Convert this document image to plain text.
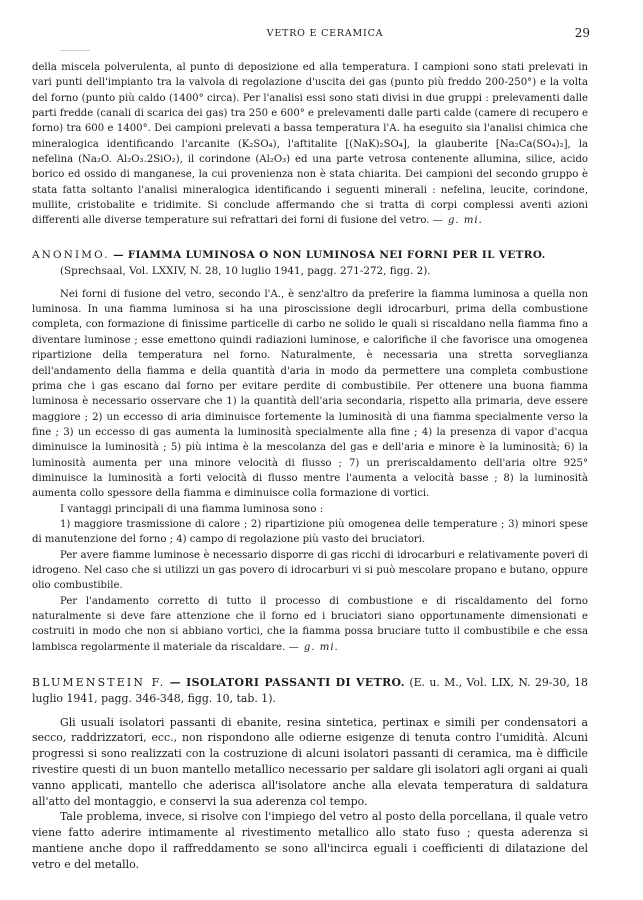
VETRO E CERAMICA	29

della miscela polverulenta, al punto di deposizione ed alla temperatura. I campioni sono stati prelevati in vari punti dell'impianto tra la valvola di regolazione d'uscita dei gas (punto più freddo 200-250°) e la volta del forno (punto più caldo (1400° circa). Per l'analisi essi sono stati divisi in due gruppi : prelevamenti dalle parti fredde (canali di scarica dei gas) tra 250 e 600° e prelevamenti dalle parti calde (camere di recupero e forno) tra 600 e 1400°. Dei campioni prelevati a bassa temperatura l'A. ha eseguito sia l'analisi chimica che mineralogica identificando l'arcanite (K₂SO₄), l'aftitalite [(NaK)₂SO₄], la glauberite [Na₂Ca(SO₄)₂], la nefelina (Na₂O. Al₂O₃.2SiO₂), il corindone (Al₂O₃) ed una parte vetrosa contenente allumina, silice, acido borico ed ossido di manganese, la cui provenienza non è stata chiarita. Dei campioni del secondo gruppo è stata fatta soltanto l'analisi mineralogica identificando i seguenti minerali : nefelina, leucite, corindone, mullite, cristobalite e tridimite. Si conclude affermando che si tratta di corpi complessi aventi azioni differenti alle diverse temperature sui refrattari dei forni di fusione del vetro. — g. mi.

ANONIMO. — FIAMMA LUMINOSA O NON LUMINOSA NEI FORNI PER IL VETRO.
(Sprechsaal, Vol. LXXIV, N. 28, 10 luglio 1941, pagg. 271-272, figg. 2).

Nei forni di fusione del vetro, secondo l'A., è senz'altro da preferire la fiamma luminosa a quella non luminosa. In una fiamma luminosa si ha una piroscissione degli idrocarburi, prima della combustione completa, con formazione di finissime particelle di carbo ne solido le quali si riscaldano nella fiamma fino a diventare luminose ; esse emettono quindi radiazioni luminose, e calorifiche il che favorisce una omogenea ripartizione della temperatura nel forno. Naturalmente, è necessaria una stretta sorveglianza dell'andamento della fiamma e della quantità d'aria in modo da permettere una completa combustione prima che i gas escano dal forno per evitare perdite di combustibile. Per ottenere una buona fiamma luminosa è necessario osservare che 1) la quantità dell'aria secondaria, rispetto alla primaria, deve essere maggiore ; 2) un eccesso di aria diminuisce fortemente la luminosità di una fiamma specialmente verso la fine ; 3) un eccesso di gas aumenta la luminosità specialmente alla fine ; 4) la presenza di vapor d'acqua diminuisce la luminosità ; 5) più intima è la mescolanza del gas e dell'aria e minore è la luminosità; 6) la luminosità aumenta per una minore velocità di flusso ; 7) un preriscaldamento dell'aria oltre 925° diminuisce la luminosità a forti velocità di flusso mentre l'aumenta a velocità basse ; 8) la luminosità aumenta collo spessore della fiamma e diminuisce colla formazione di vortici.

I vantaggi principali di una fiamma luminosa sono :

1) maggiore trasmissione di calore ; 2) ripartizione più omogenea delle temperature ; 3) minori spese di manutenzione del forno ; 4) campo di regolazione più vasto dei bruciatori.

Per avere fiamme luminose è necessario disporre di gas ricchi di idrocarburi e relativamente poveri di idrogeno. Nel caso che si utilizzi un gas povero di idrocarburi vi si può mescolare propano e butano, oppure olio combustibile.

Per l'andamento corretto di tutto il processo di combustione e di riscaldamento del forno naturalmente si deve fare attenzione che il forno ed i bruciatori siano opportunamente dimensionati e costruiti in modo che non si abbiano vortici, che la fiamma possa bruciare tutto il combustibile e che essa lambisca regolarmente il materiale da riscaldare. — g. mi.

BLUMENSTEIN F. — ISOLATORI PASSANTI DI VETRO. (E. u. M., Vol. LIX, N. 29-30, 18 luglio 1941, pagg. 346-348, figg. 10, tab. 1).

Gli usuali isolatori passanti di ebanite, resina sintetica, pertinax e simili per condensatori a secco, raddrizzatori, ecc., non rispondono alle odierne esigenze di tenuta contro l'umidità. Alcuni progressi si sono realizzati con la costruzione di alcuni isolatori passanti di ceramica, ma è difficile rivestire questi di un buon mantello metallico necessario per saldare gli isolatori agli organi ai quali vanno applicati, mantello che aderisca all'isolatore anche alla elevata temperatura di saldatura all'atto del montaggio, e conservi la sua aderenza col tempo.

Tale problema, invece, si risolve con l'impiego del vetro al posto della porcellana, il quale vetro viene fatto aderire intimamente al rivestimento metallico allo stato fuso ; questa aderenza si mantiene anche dopo il raffreddamento se sono all'incirca eguali i coefficienti di dilatazione del vetro e del metallo.
